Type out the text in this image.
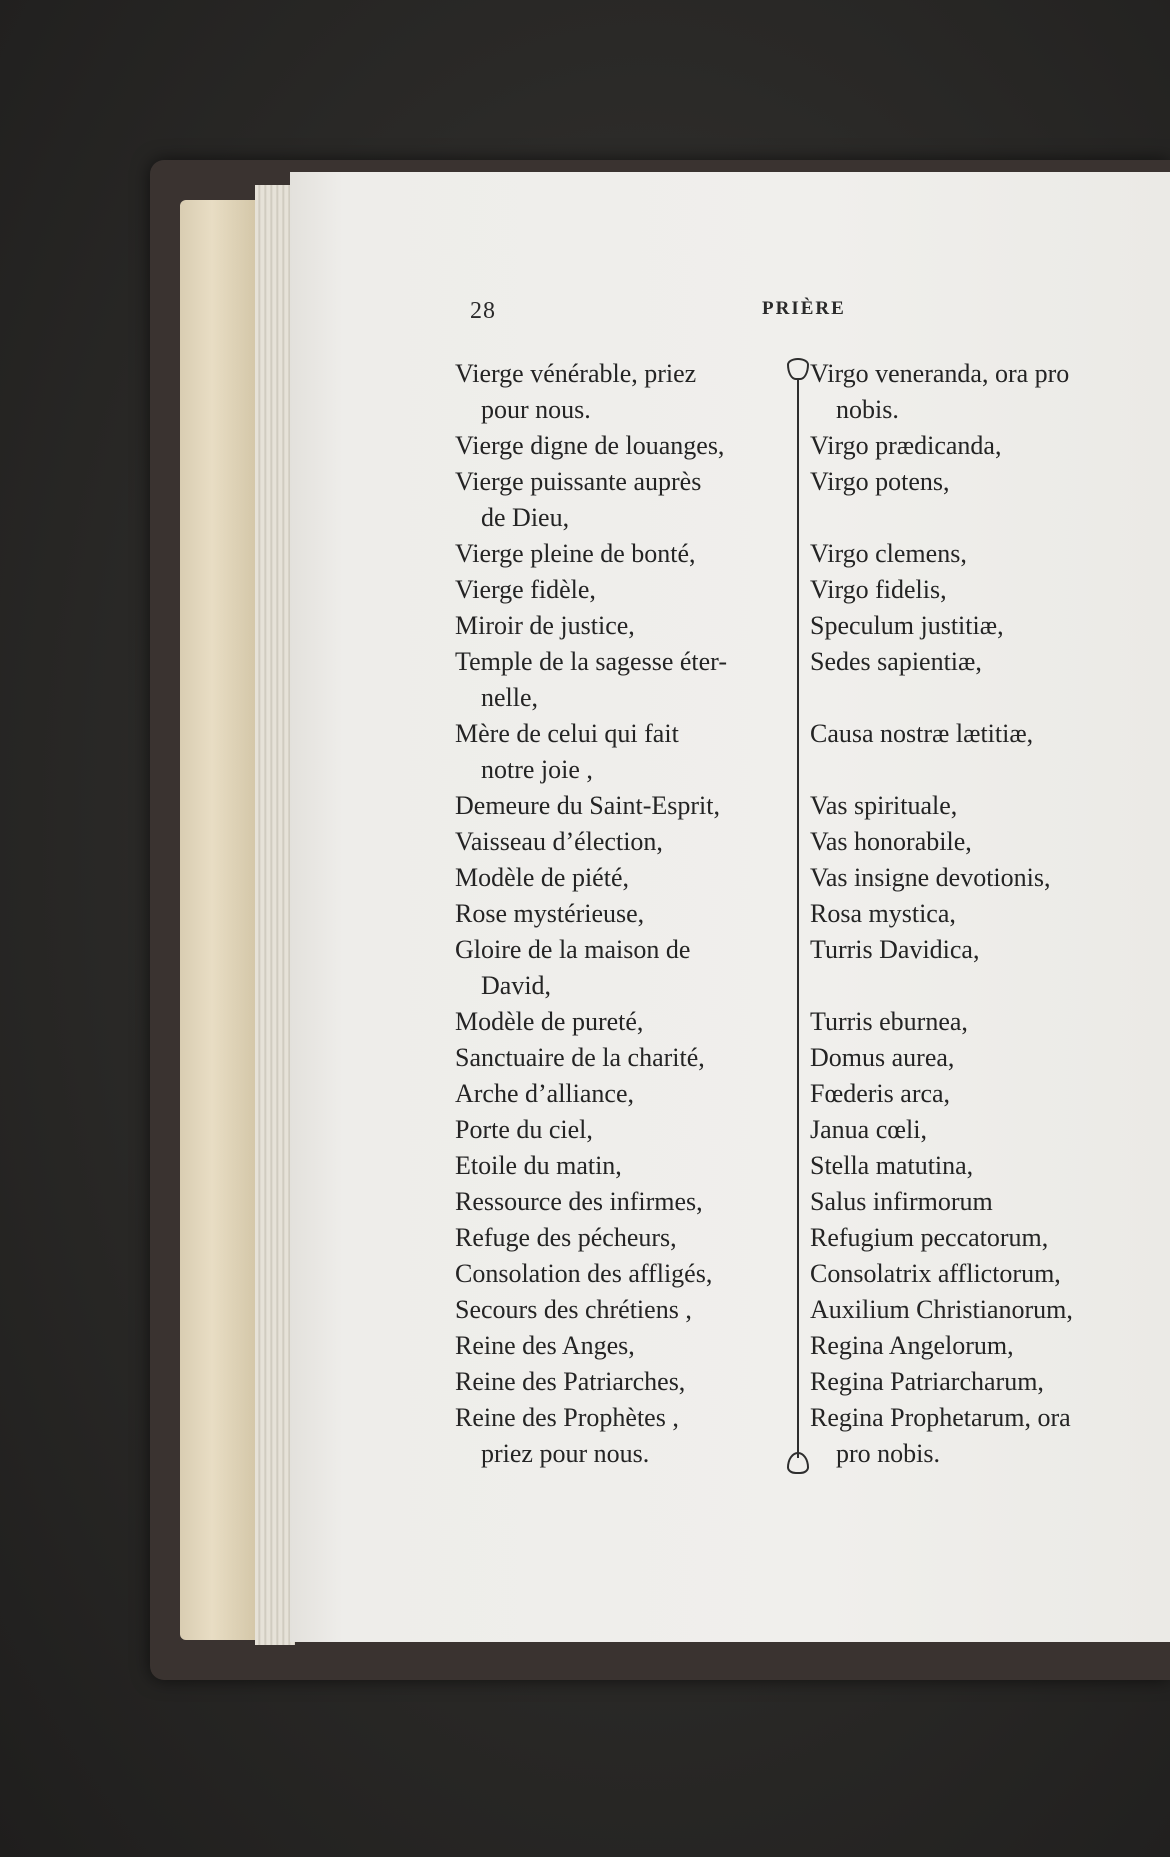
28	PRIÈRE
Vierge vénérable, priez
pour nous.
Vierge digne de louanges,
Vierge puissante auprès
de Dieu,
Vierge pleine de bonté,
Vierge fidèle,
Miroir de justice,
Temple de la sagesse éter-
nelle,
Mère de celui qui fait
notre joie ,
Demeure du Saint-Esprit,
Vaisseau d’élection,
Modèle de piété,
Rose mystérieuse,
Gloire de la maison de
David,
Modèle de pureté,
Sanctuaire de la charité,
Arche d’alliance,
Porte du ciel,
Etoile du matin,
Ressource des infirmes,
Refuge des pécheurs,
Consolation des affligés,
Secours des chrétiens ,
Reine des Anges,
Reine des Patriarches,
Reine des Prophètes ,
priez pour nous.
Virgo veneranda, ora pro
nobis.
Virgo prædicanda,
Virgo potens,
Virgo clemens,
Virgo fidelis,
Speculum justitiæ,
Sedes sapientiæ,
Causa nostræ lætitiæ,
Vas spirituale,
Vas honorabile,
Vas insigne devotionis,
Rosa mystica,
Turris Davidica,
Turris eburnea,
Domus aurea,
Fœderis arca,
Janua cœli,
Stella matutina,
Salus infirmorum
Refugium peccatorum,
Consolatrix afflictorum,
Auxilium Christianorum,
Regina Angelorum,
Regina Patriarcharum,
Regina Prophetarum, ora
pro nobis.
